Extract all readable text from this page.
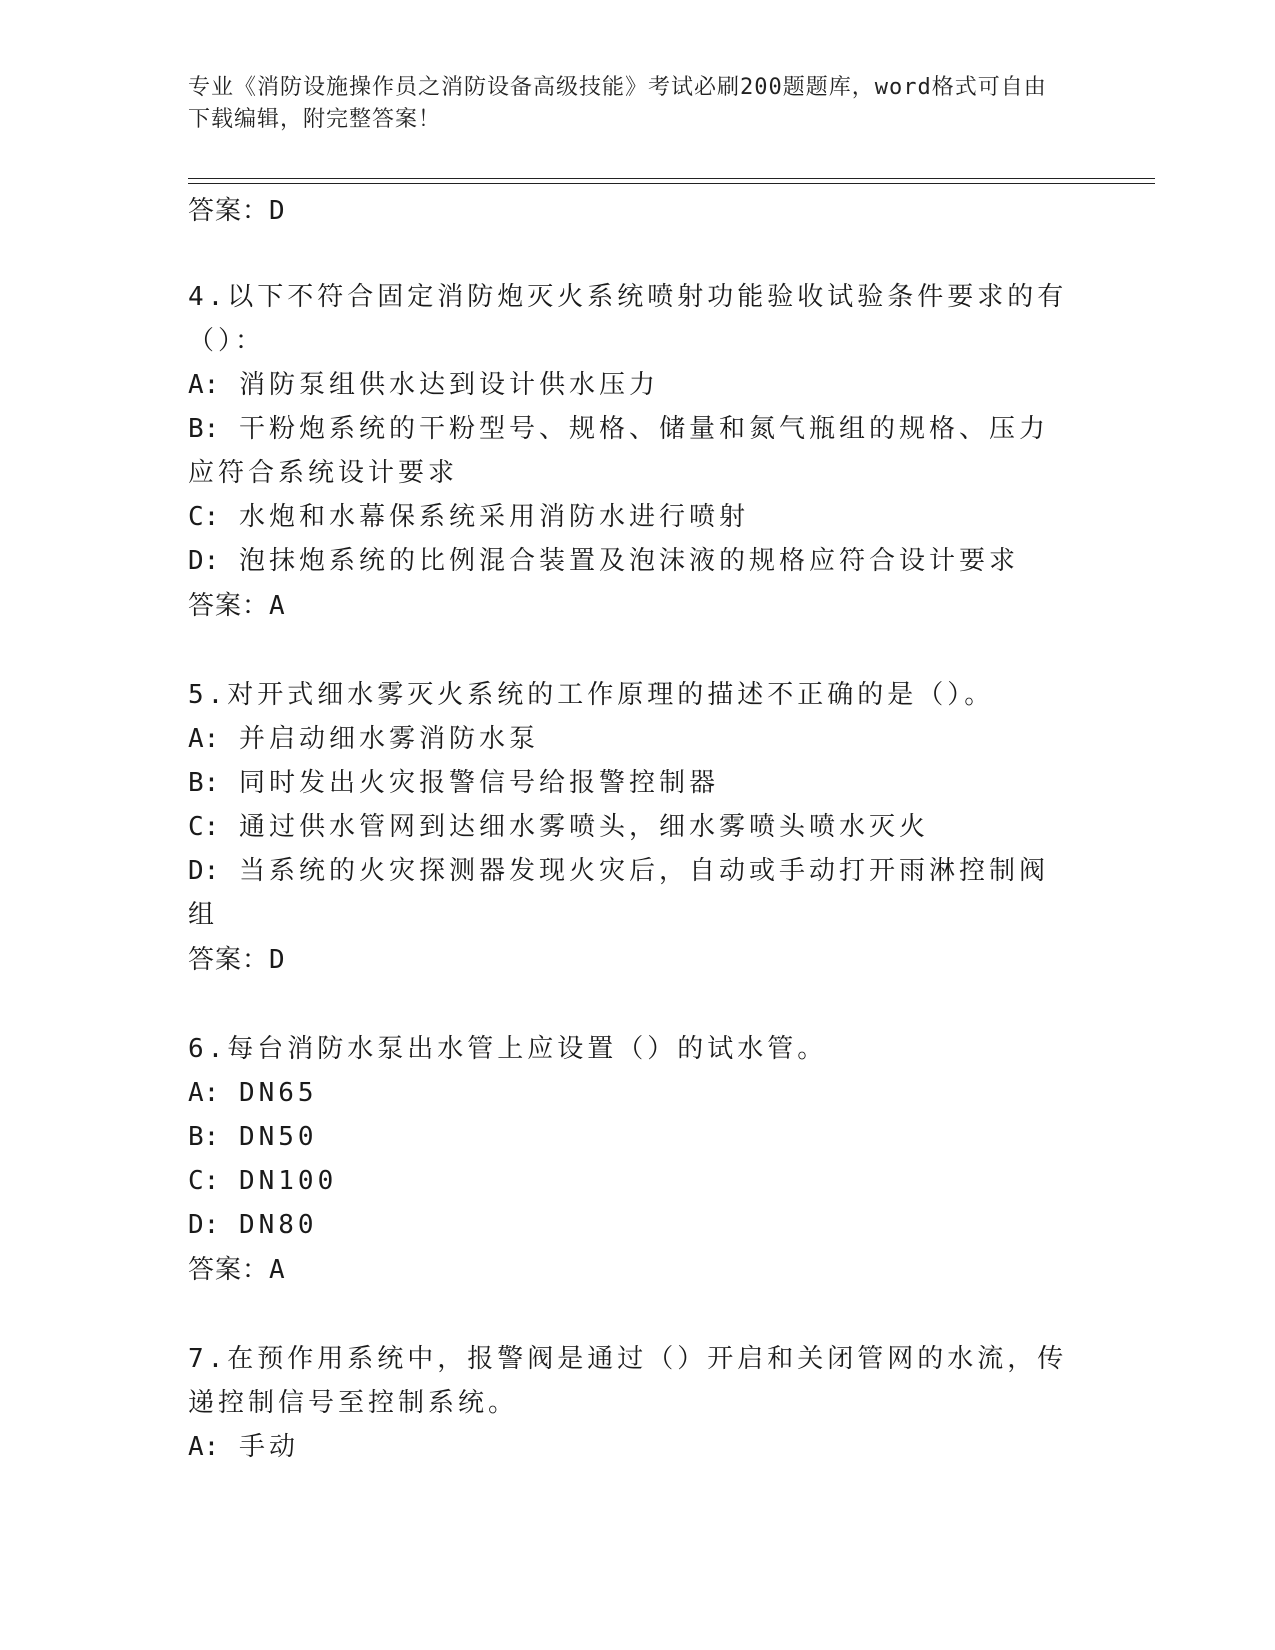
专业《消防设施操作员之消防设备高级技能》考试必刷200题题库，word格式可自由下载编辑，附完整答案！

答案：D

4.以下不符合固定消防炮灭火系统喷射功能验收试验条件要求的有（）：

A: 消防泵组供水达到设计供水压力

B: 干粉炮系统的干粉型号、规格、储量和氮气瓶组的规格、压力应符合系统设计要求

C: 水炮和水幕保系统采用消防水进行喷射

D: 泡抹炮系统的比例混合装置及泡沫液的规格应符合设计要求

答案：A

5.对开式细水雾灭火系统的工作原理的描述不正确的是（）。

A: 并启动细水雾消防水泵

B: 同时发出火灾报警信号给报警控制器

C: 通过供水管网到达细水雾喷头，细水雾喷头喷水灭火

D: 当系统的火灾探测器发现火灾后，自动或手动打开雨淋控制阀组

答案：D

6.每台消防水泵出水管上应设置（）的试水管。

A: DN65

B: DN50

C: DN100

D: DN80

答案：A

7.在预作用系统中，报警阀是通过（）开启和关闭管网的水流，传递控制信号至控制系统。

A: 手动
